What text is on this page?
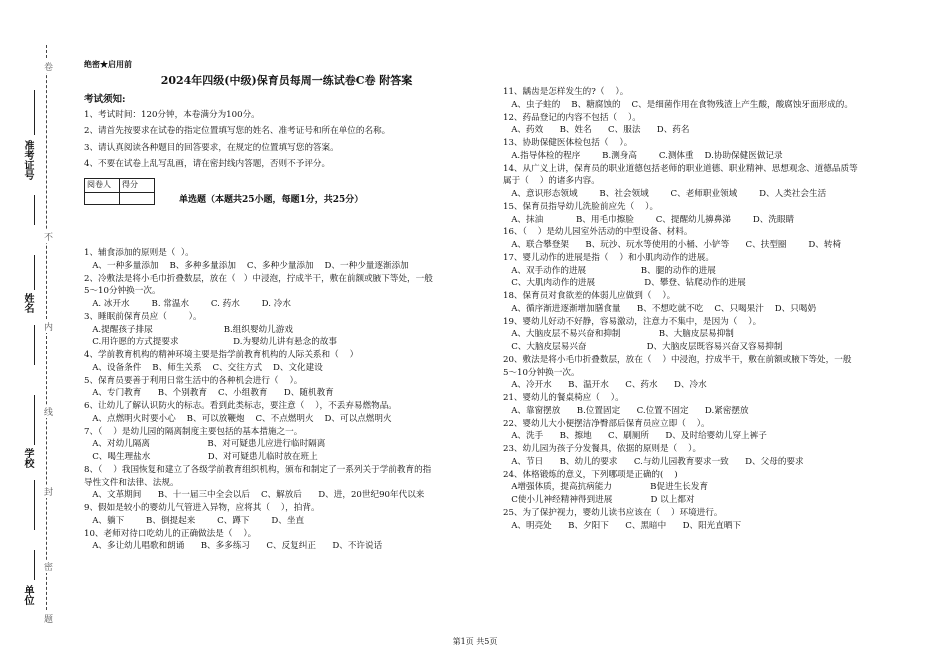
卷
不
内
线
封
密
题
准考证号
姓名
学校
单位
绝密★启用前
2024年四级(中级)保育员每周一练试卷C卷 附答案
考试须知:

1、考试时间：120分钟，本卷满分为100分。

2、请首先按要求在试卷的指定位置填写您的姓名、准考证号和所在单位的名称。

3、请认真阅读各种题目的回答要求，在规定的位置填写您的答案。

4、不要在试卷上乱写乱画，请在密封线内答题，否则不予评分。

阅卷人	得分

单选题（本题共25小题，每题1分，共25分）

1、辅食添加的原则是（  ）。

A、一种多量添加    B、多种多量添加    C、多种少量添加    D、一种少量逐渐添加

2、冷敷法是将小毛巾折叠数层，放在（   ）中浸泡，拧成半干，敷在前额或腋下等处，一般

5～10分钟换一次。

A. 冰开水        B. 常温水        C. 药水        D. 冷水

3、睡眠前保育员应（        ）。

A.提醒孩子排尿                          B.组织婴幼儿游戏

C.用许愿的方式提要求                    D.为婴幼儿讲有悬念的故事

4、学前教育机构的精神环境主要是指学前教育机构的人际关系和（    ）

A、设备条件    B、师生关系    C、交往方式    D、文化建设

5、保育员要善于利用日常生活中的各种机会进行（    ）。

A、专门教育      B、个别教育    C、小组教育      D、随机教育

6、让幼儿了解认识防火的标志。看到此类标志，要注意（    ），不丢弃易燃物品。

A、点燃明火时要小心    B、可以放鞭炮    C、不点燃明火    D、可以点燃明火

7、（    ）是幼儿园的隔离制度主要包括的基本措施之一。

A、对幼儿隔离                     B、对可疑患儿应进行临时隔离

C、喝生理盐水                     D、对可疑患儿临时放在班上

8、（    ）我国恢复和建立了各级学前教育组织机构，颁布和制定了一系列关于学前教育的指

导性文件和法律、法规。

A、文革期间      B、十一届三中全会以后    C、解放后      D、进，20世纪90年代以来

9、假如是较小的婴幼儿气管进入异物，应将其（    ），拍背。

A、躺下        B、倒提起来        C、蹲下        D、坐直

10、老师对待口吃幼儿的正确做法是（    ）。

A、多让幼儿唱歌和朗诵      B、多多练习      C、反复纠正      D、不许说话

11、龋齿是怎样发生的?（    ）。

A、虫子蛀的    B、糖腐蚀的    C、是细菌作用在食物残渣上产生酸，酸腐蚀牙面形成的。

12、药品登记的内容不包括（    ）。

A、药效      B、姓名      C、服法      D、药名

13、协助保健医体检包括（    ）。

A.指导体检的程序        B.测身高        C.测体重    D.协助保健医做记录

14、从广义上讲，保育员的职业道德包括老师的职业道德、职业精神、思想观念、道德品质等

属于（    ）的诸多内容。

A、意识形态领域        B、社会领域        C、老师职业领域        D、人类社会生活

15、保育员指导幼儿洗脸前应先（    ）。

A、抹油            B、用毛巾擦脸        C、提醒幼儿擤鼻涕        D、洗眼睛

16、（    ）是幼儿园室外活动的中型设备、材料。

A、联合攀登架      B、玩沙、玩水等使用的小桶、小铲等      C、扶型圈        D、转椅

17、婴儿动作的进展是指（    ）和小肌肉动作的进展。

A、双手动作的进展                    B、腿的动作的进展

C、大肌肉动作的进展                  D、攀登、钻爬动作的进展

18、保育员对食欲差的体弱儿应做到（    ）。

A、循序渐进逐渐增加膳食量      B、不想吃就不吃    C、只喝果汁    D、只喝奶

19、婴幼儿好动不好静，容易激动，注意力不集中，是因为（    ）。

A、大脑皮层不易兴奋和抑制              B、大脑皮层易抑制

C、大脑皮层易兴奋                      D、大脑皮层既容易兴奋又容易抑制

20、敷法是将小毛巾折叠数层，放在（    ）中浸泡，拧成半干，敷在前额或腋下等处，一般

5～10分钟换一次。

A、冷开水      B、温开水      C、药水      D、冷水

21、婴幼儿的餐桌椅应（    ）。

A、靠窗摆放      B.位置固定      C.位置不固定      D.紧密摆放

22、婴幼儿大小便摆洁净臀部后保育员应立即（    ）。

A、洗手      B、擦地      C、刷厕所      D、及时给婴幼儿穿上裤子

23、幼儿园为孩子分发餐具，依据的原则是（    ）。

A、节日      B、幼儿的要求      C.与幼儿园教育要求一致      D、父母的要求

24、体格锻炼的意义，下列哪项是正确的(    )

A增强体质，提高抗病能力              B促进生长发育

C使小儿神经精神得到进展              D 以上都对

25、为了保护视力，婴幼儿读书应该在（    ）环境进行。

A、明亮处      B、夕阳下      C、黑暗中      D、阳光直晒下

第1页 共5页
